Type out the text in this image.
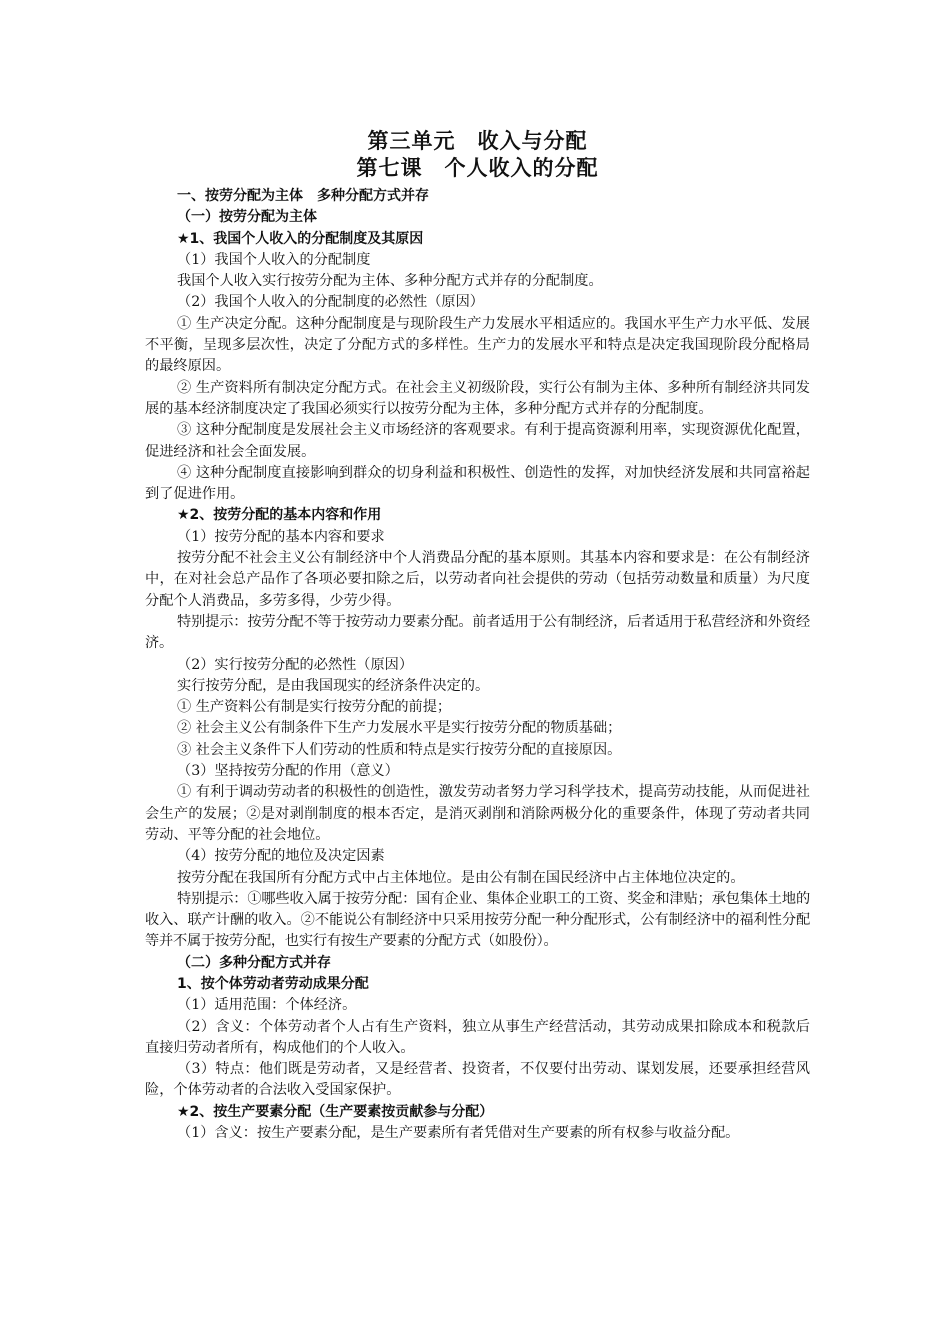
第三单元　收入与分配
第七课　个人收入的分配

一、按劳分配为主体　多种分配方式并存

（一）按劳分配为主体

★1、我国个人收入的分配制度及其原因

（1）我国个人收入的分配制度

我国个人收入实行按劳分配为主体、多种分配方式并存的分配制度。

（2）我国个人收入的分配制度的必然性（原因）

① 生产决定分配。这种分配制度是与现阶段生产力发展水平相适应的。我国水平生产力水平低、发展不平衡，呈现多层次性，决定了分配方式的多样性。生产力的发展水平和特点是决定我国现阶段分配格局的最终原因。

② 生产资料所有制决定分配方式。在社会主义初级阶段，实行公有制为主体、多种所有制经济共同发展的基本经济制度决定了我国必须实行以按劳分配为主体，多种分配方式并存的分配制度。

③ 这种分配制度是发展社会主义市场经济的客观要求。有利于提高资源利用率，实现资源优化配置，促进经济和社会全面发展。

④ 这种分配制度直接影响到群众的切身利益和积极性、创造性的发挥，对加快经济发展和共同富裕起到了促进作用。

★2、按劳分配的基本内容和作用

（1）按劳分配的基本内容和要求

按劳分配不社会主义公有制经济中个人消费品分配的基本原则。其基本内容和要求是：在公有制经济中，在对社会总产品作了各项必要扣除之后，以劳动者向社会提供的劳动（包括劳动数量和质量）为尺度分配个人消费品，多劳多得，少劳少得。

特别提示：按劳分配不等于按劳动力要素分配。前者适用于公有制经济，后者适用于私营经济和外资经济。

（2）实行按劳分配的必然性（原因）

实行按劳分配，是由我国现实的经济条件决定的。

① 生产资料公有制是实行按劳分配的前提；

② 社会主义公有制条件下生产力发展水平是实行按劳分配的物质基础；

③ 社会主义条件下人们劳动的性质和特点是实行按劳分配的直接原因。

（3）坚持按劳分配的作用（意义）

① 有利于调动劳动者的积极性的创造性，激发劳动者努力学习科学技术，提高劳动技能，从而促进社会生产的发展；②是对剥削制度的根本否定，是消灭剥削和消除两极分化的重要条件，体现了劳动者共同劳动、平等分配的社会地位。

（4）按劳分配的地位及决定因素

按劳分配在我国所有分配方式中占主体地位。是由公有制在国民经济中占主体地位决定的。

特别提示：①哪些收入属于按劳分配：国有企业、集体企业职工的工资、奖金和津贴；承包集体土地的收入、联产计酬的收入。②不能说公有制经济中只采用按劳分配一种分配形式，公有制经济中的福利性分配等并不属于按劳分配，也实行有按生产要素的分配方式（如股份）。

（二）多种分配方式并存

1、按个体劳动者劳动成果分配

（1）适用范围：个体经济。

（2）含义：个体劳动者个人占有生产资料，独立从事生产经营活动，其劳动成果扣除成本和税款后直接归劳动者所有，构成他们的个人收入。

（3）特点：他们既是劳动者，又是经营者、投资者，不仅要付出劳动、谋划发展，还要承担经营风险，个体劳动者的合法收入受国家保护。

★2、按生产要素分配（生产要素按贡献参与分配）

（1）含义：按生产要素分配，是生产要素所有者凭借对生产要素的所有权参与收益分配。
